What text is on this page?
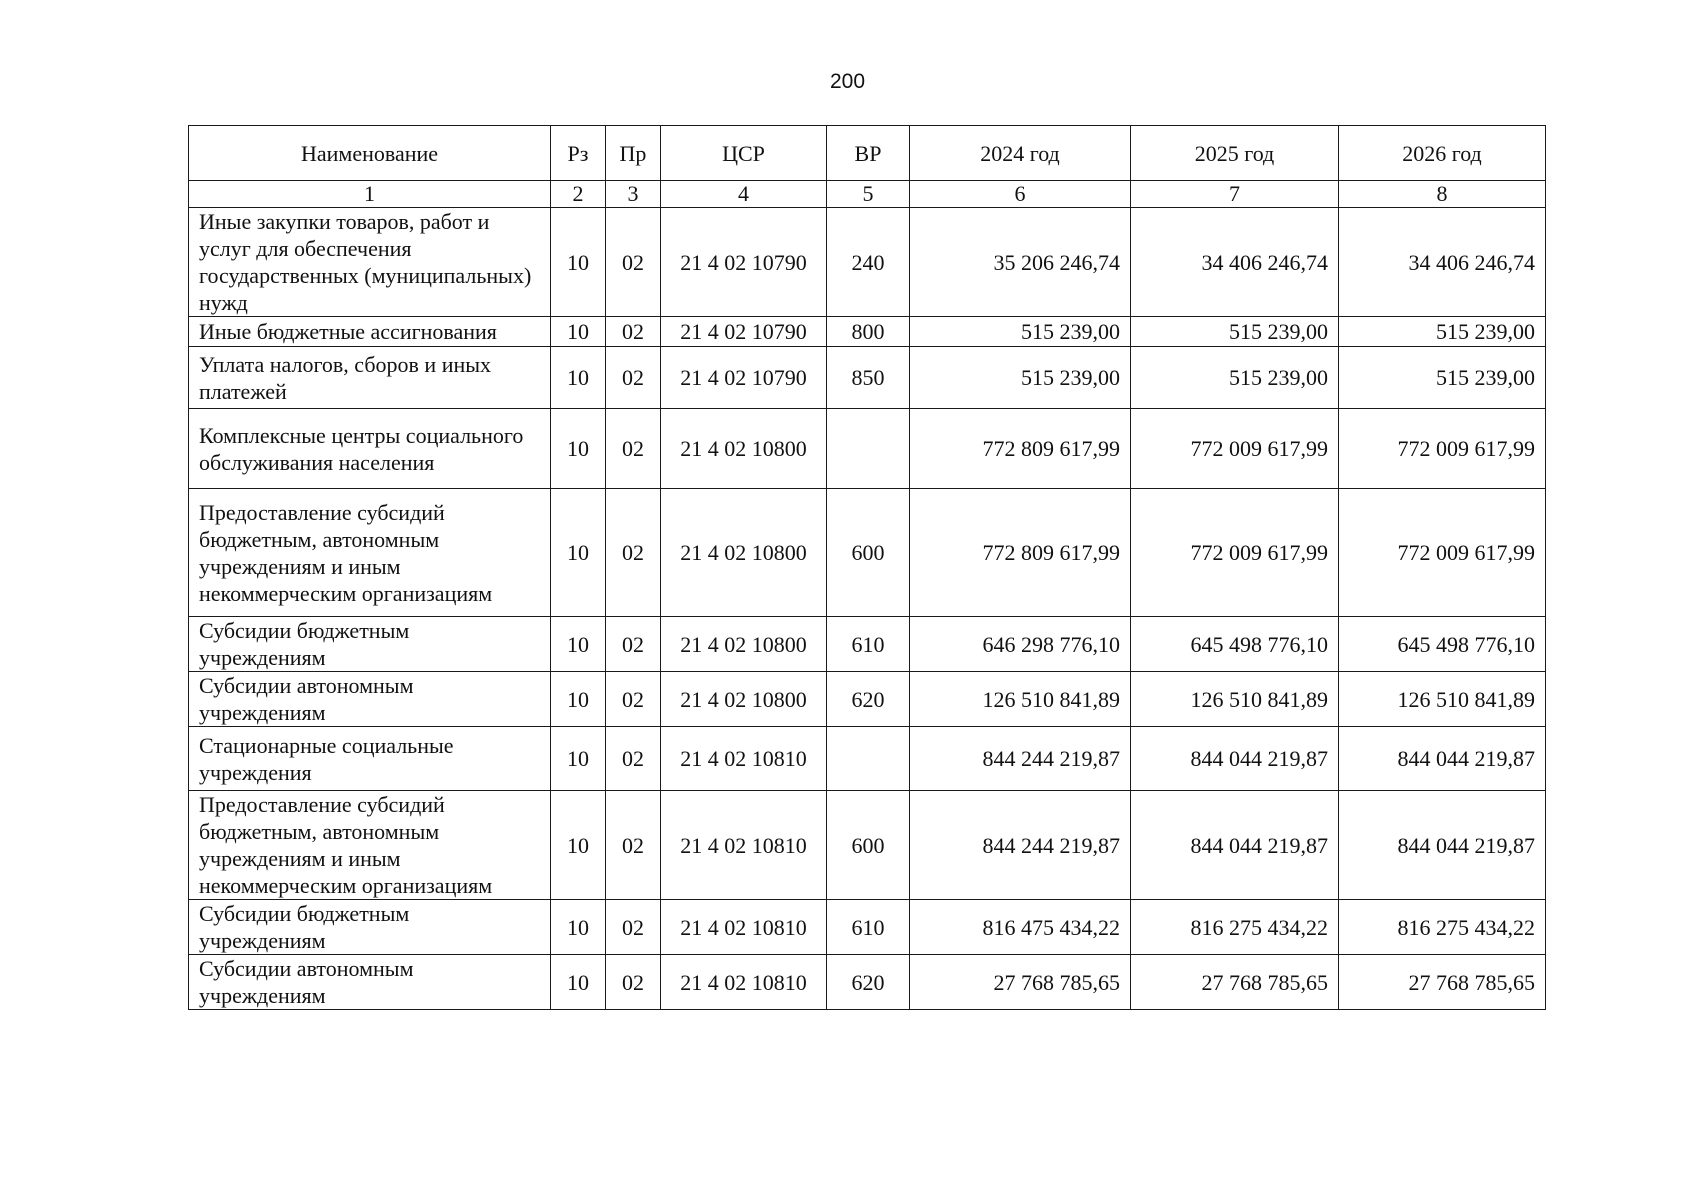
200
Наименование	Рз	Пр	ЦСР	ВР	2024 год	2025 год	2026 год
1	2	3	4	5	6	7	8
Иные закупки товаров, работ и услуг для обеспечения государственных (муниципальных) нужд	10	02	21 4 02 10790	240	35 206 246,74	34 406 246,74	34 406 246,74
Иные бюджетные ассигнования	10	02	21 4 02 10790	800	515 239,00	515 239,00	515 239,00
Уплата налогов, сборов и иных платежей	10	02	21 4 02 10790	850	515 239,00	515 239,00	515 239,00
Комплексные центры социального обслуживания населения	10	02	21 4 02 10800		772 809 617,99	772 009 617,99	772 009 617,99
Предоставление субсидий бюджетным, автономным учреждениям и иным некоммерческим организациям	10	02	21 4 02 10800	600	772 809 617,99	772 009 617,99	772 009 617,99
Субсидии бюджетным учреждениям	10	02	21 4 02 10800	610	646 298 776,10	645 498 776,10	645 498 776,10
Субсидии автономным учреждениям	10	02	21 4 02 10800	620	126 510 841,89	126 510 841,89	126 510 841,89
Стационарные социальные учреждения	10	02	21 4 02 10810		844 244 219,87	844 044 219,87	844 044 219,87
Предоставление субсидий бюджетным, автономным учреждениям и иным некоммерческим организациям	10	02	21 4 02 10810	600	844 244 219,87	844 044 219,87	844 044 219,87
Субсидии бюджетным учреждениям	10	02	21 4 02 10810	610	816 475 434,22	816 275 434,22	816 275 434,22
Субсидии автономным учреждениям	10	02	21 4 02 10810	620	27 768 785,65	27 768 785,65	27 768 785,65
